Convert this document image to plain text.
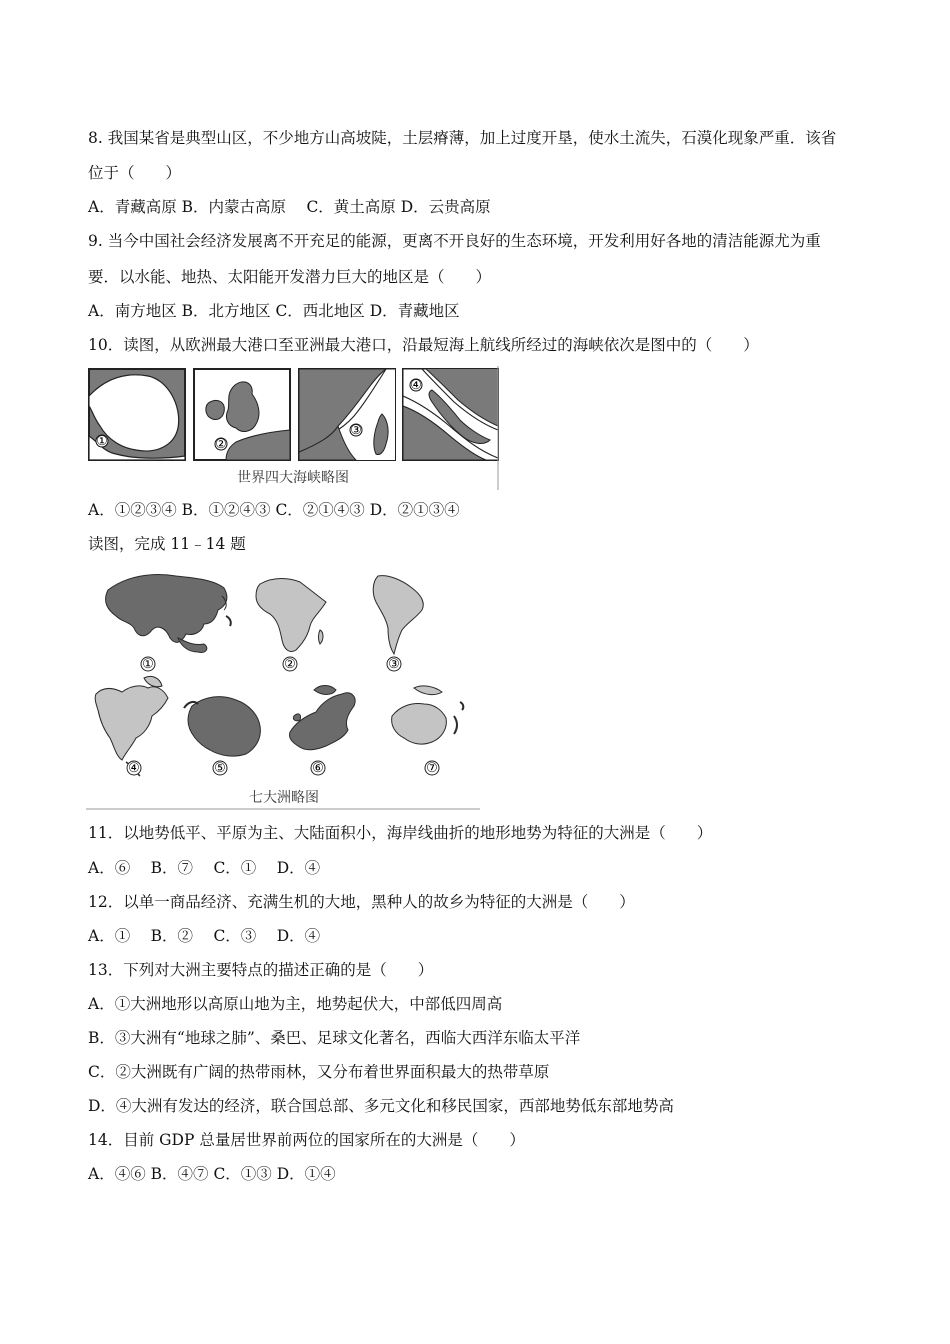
8. 我国某省是典型山区，不少地方山高坡陡，土层瘠薄，加上过度开垦，使水土流失，石漠化现象严重．该省
位于（　　）
A．青藏高原 B．内蒙古高原　 C．黄土高原 D．云贵高原
9. 当今中国社会经济发展离不开充足的能源，更离不开良好的生态环境，开发利用好各地的清洁能源尤为重
要．以水能、地热、太阳能开发潜力巨大的地区是（　　）
A．南方地区 B．北方地区 C．西北地区 D．青藏地区
10．读图，从欧洲最大港口至亚洲最大港口，沿最短海上航线所经过的海峡依次是图中的（　　）
①	②
③
④
世界四大海峡略图
A．①②③④ B．①②④③ C．②①④③ D．②①③④
读图，完成 11﹣14 题
①	②	③
④	⑤	⑥	⑦
七大洲略图
11．以地势低平、平原为主、大陆面积小，海岸线曲折的地形地势为特征的大洲是（　　）
A．⑥　 B．⑦　 C．①　 D．④
12．以单一商品经济、充满生机的大地，黑种人的故乡为特征的大洲是（　　）
A．①　 B．②　 C．③　 D．④
13．下列对大洲主要特点的描述正确的是（　　）
A．①大洲地形以高原山地为主，地势起伏大，中部低四周高
B．③大洲有“地球之肺”、桑巴、足球文化著名，西临大西洋东临太平洋
C．②大洲既有广阔的热带雨林，又分布着世界面积最大的热带草原
D．④大洲有发达的经济，联合国总部、多元文化和移民国家，西部地势低东部地势高
14．目前 GDP 总量居世界前两位的国家所在的大洲是（　　）
A．④⑥ B．④⑦ C．①③ D．①④
